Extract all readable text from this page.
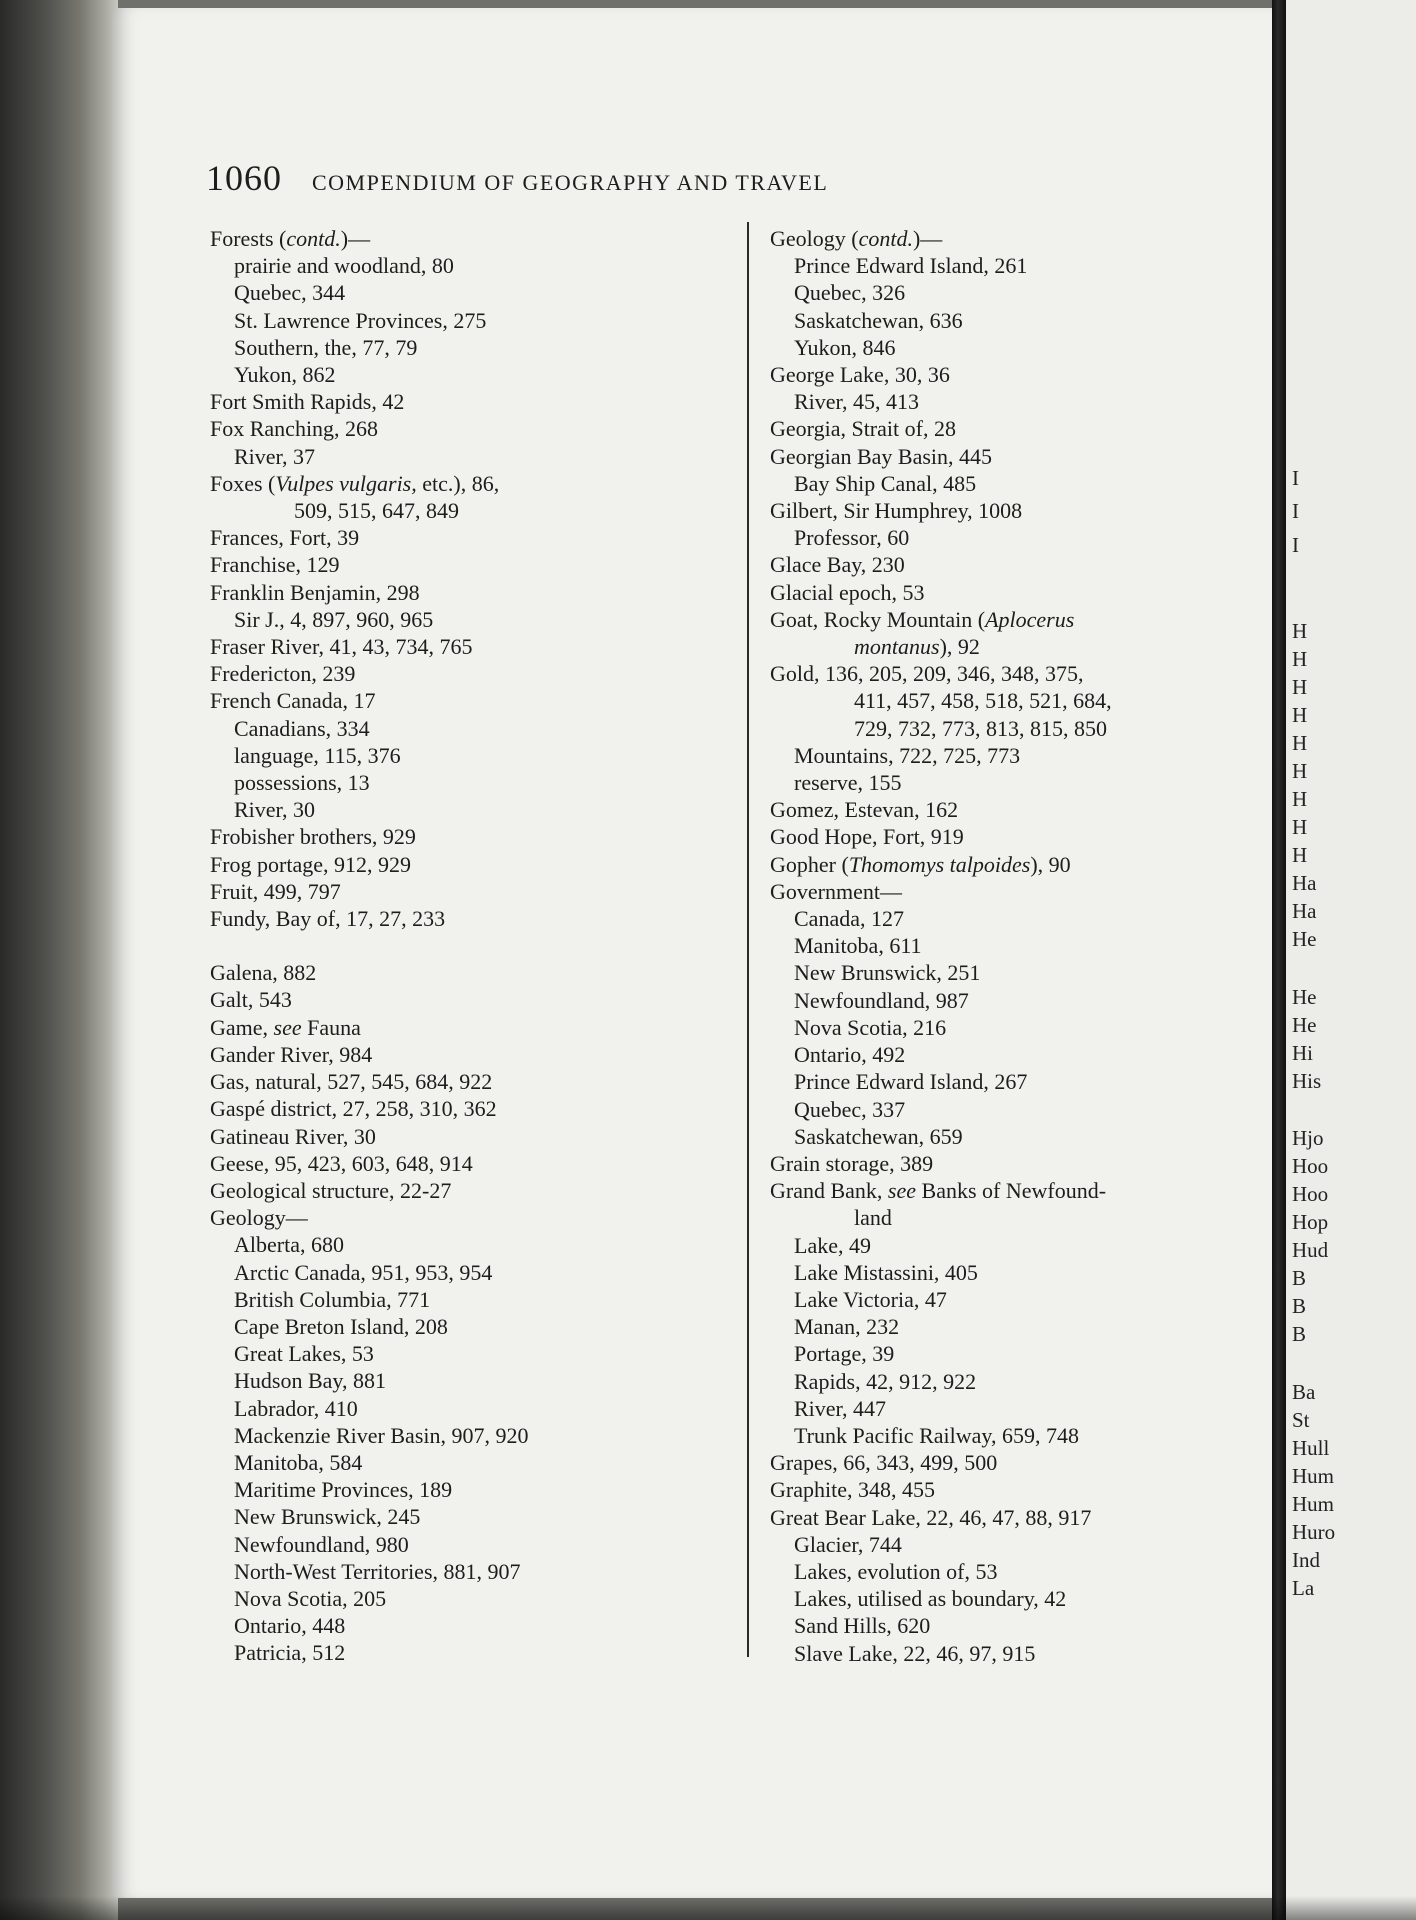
1060 COMPENDIUM OF GEOGRAPHY AND TRAVEL
Forests (contd.)—
prairie and woodland, 80
Quebec, 344
St. Lawrence Provinces, 275
Southern, the, 77, 79
Yukon, 862
Fort Smith Rapids, 42
Fox Ranching, 268
River, 37
Foxes (Vulpes vulgaris, etc.), 86,
509, 515, 647, 849
Frances, Fort, 39
Franchise, 129
Franklin Benjamin, 298
Sir J., 4, 897, 960, 965
Fraser River, 41, 43, 734, 765
Fredericton, 239
French Canada, 17
Canadians, 334
language, 115, 376
possessions, 13
River, 30
Frobisher brothers, 929
Frog portage, 912, 929
Fruit, 499, 797
Fundy, Bay of, 17, 27, 233
Galena, 882
Galt, 543
Game, see Fauna
Gander River, 984
Gas, natural, 527, 545, 684, 922
Gaspé district, 27, 258, 310, 362
Gatineau River, 30
Geese, 95, 423, 603, 648, 914
Geological structure, 22-27
Geology—
Alberta, 680
Arctic Canada, 951, 953, 954
British Columbia, 771
Cape Breton Island, 208
Great Lakes, 53
Hudson Bay, 881
Labrador, 410
Mackenzie River Basin, 907, 920
Manitoba, 584
Maritime Provinces, 189
New Brunswick, 245
Newfoundland, 980
North-West Territories, 881, 907
Nova Scotia, 205
Ontario, 448
Patricia, 512
Geology (contd.)—
Prince Edward Island, 261
Quebec, 326
Saskatchewan, 636
Yukon, 846
George Lake, 30, 36
River, 45, 413
Georgia, Strait of, 28
Georgian Bay Basin, 445
Bay Ship Canal, 485
Gilbert, Sir Humphrey, 1008
Professor, 60
Glace Bay, 230
Glacial epoch, 53
Goat, Rocky Mountain (Aplocerus
montanus), 92
Gold, 136, 205, 209, 346, 348, 375,
411, 457, 458, 518, 521, 684,
729, 732, 773, 813, 815, 850
Mountains, 722, 725, 773
reserve, 155
Gomez, Estevan, 162
Good Hope, Fort, 919
Gopher (Thomomys talpoides), 90
Government—
Canada, 127
Manitoba, 611
New Brunswick, 251
Newfoundland, 987
Nova Scotia, 216
Ontario, 492
Prince Edward Island, 267
Quebec, 337
Saskatchewan, 659
Grain storage, 389
Grand Bank, see Banks of Newfound-
land
Lake, 49
Lake Mistassini, 405
Lake Victoria, 47
Manan, 232
Portage, 39
Rapids, 42, 912, 922
River, 447
Trunk Pacific Railway, 659, 748
Grapes, 66, 343, 499, 500
Graphite, 348, 455
Great Bear Lake, 22, 46, 47, 88, 917
Glacier, 744
Lakes, evolution of, 53
Lakes, utilised as boundary, 42
Sand Hills, 620
Slave Lake, 22, 46, 97, 915
I
I
I
H
H
H
H
H
H
H
H
H
Ha
Ha
He
He
He
Hi
His
Hjo
Hoo
Hoo
Hop
Hud
B
B
B
Ba
St
Hull
Hum
Hum
Huro
Ind
La
